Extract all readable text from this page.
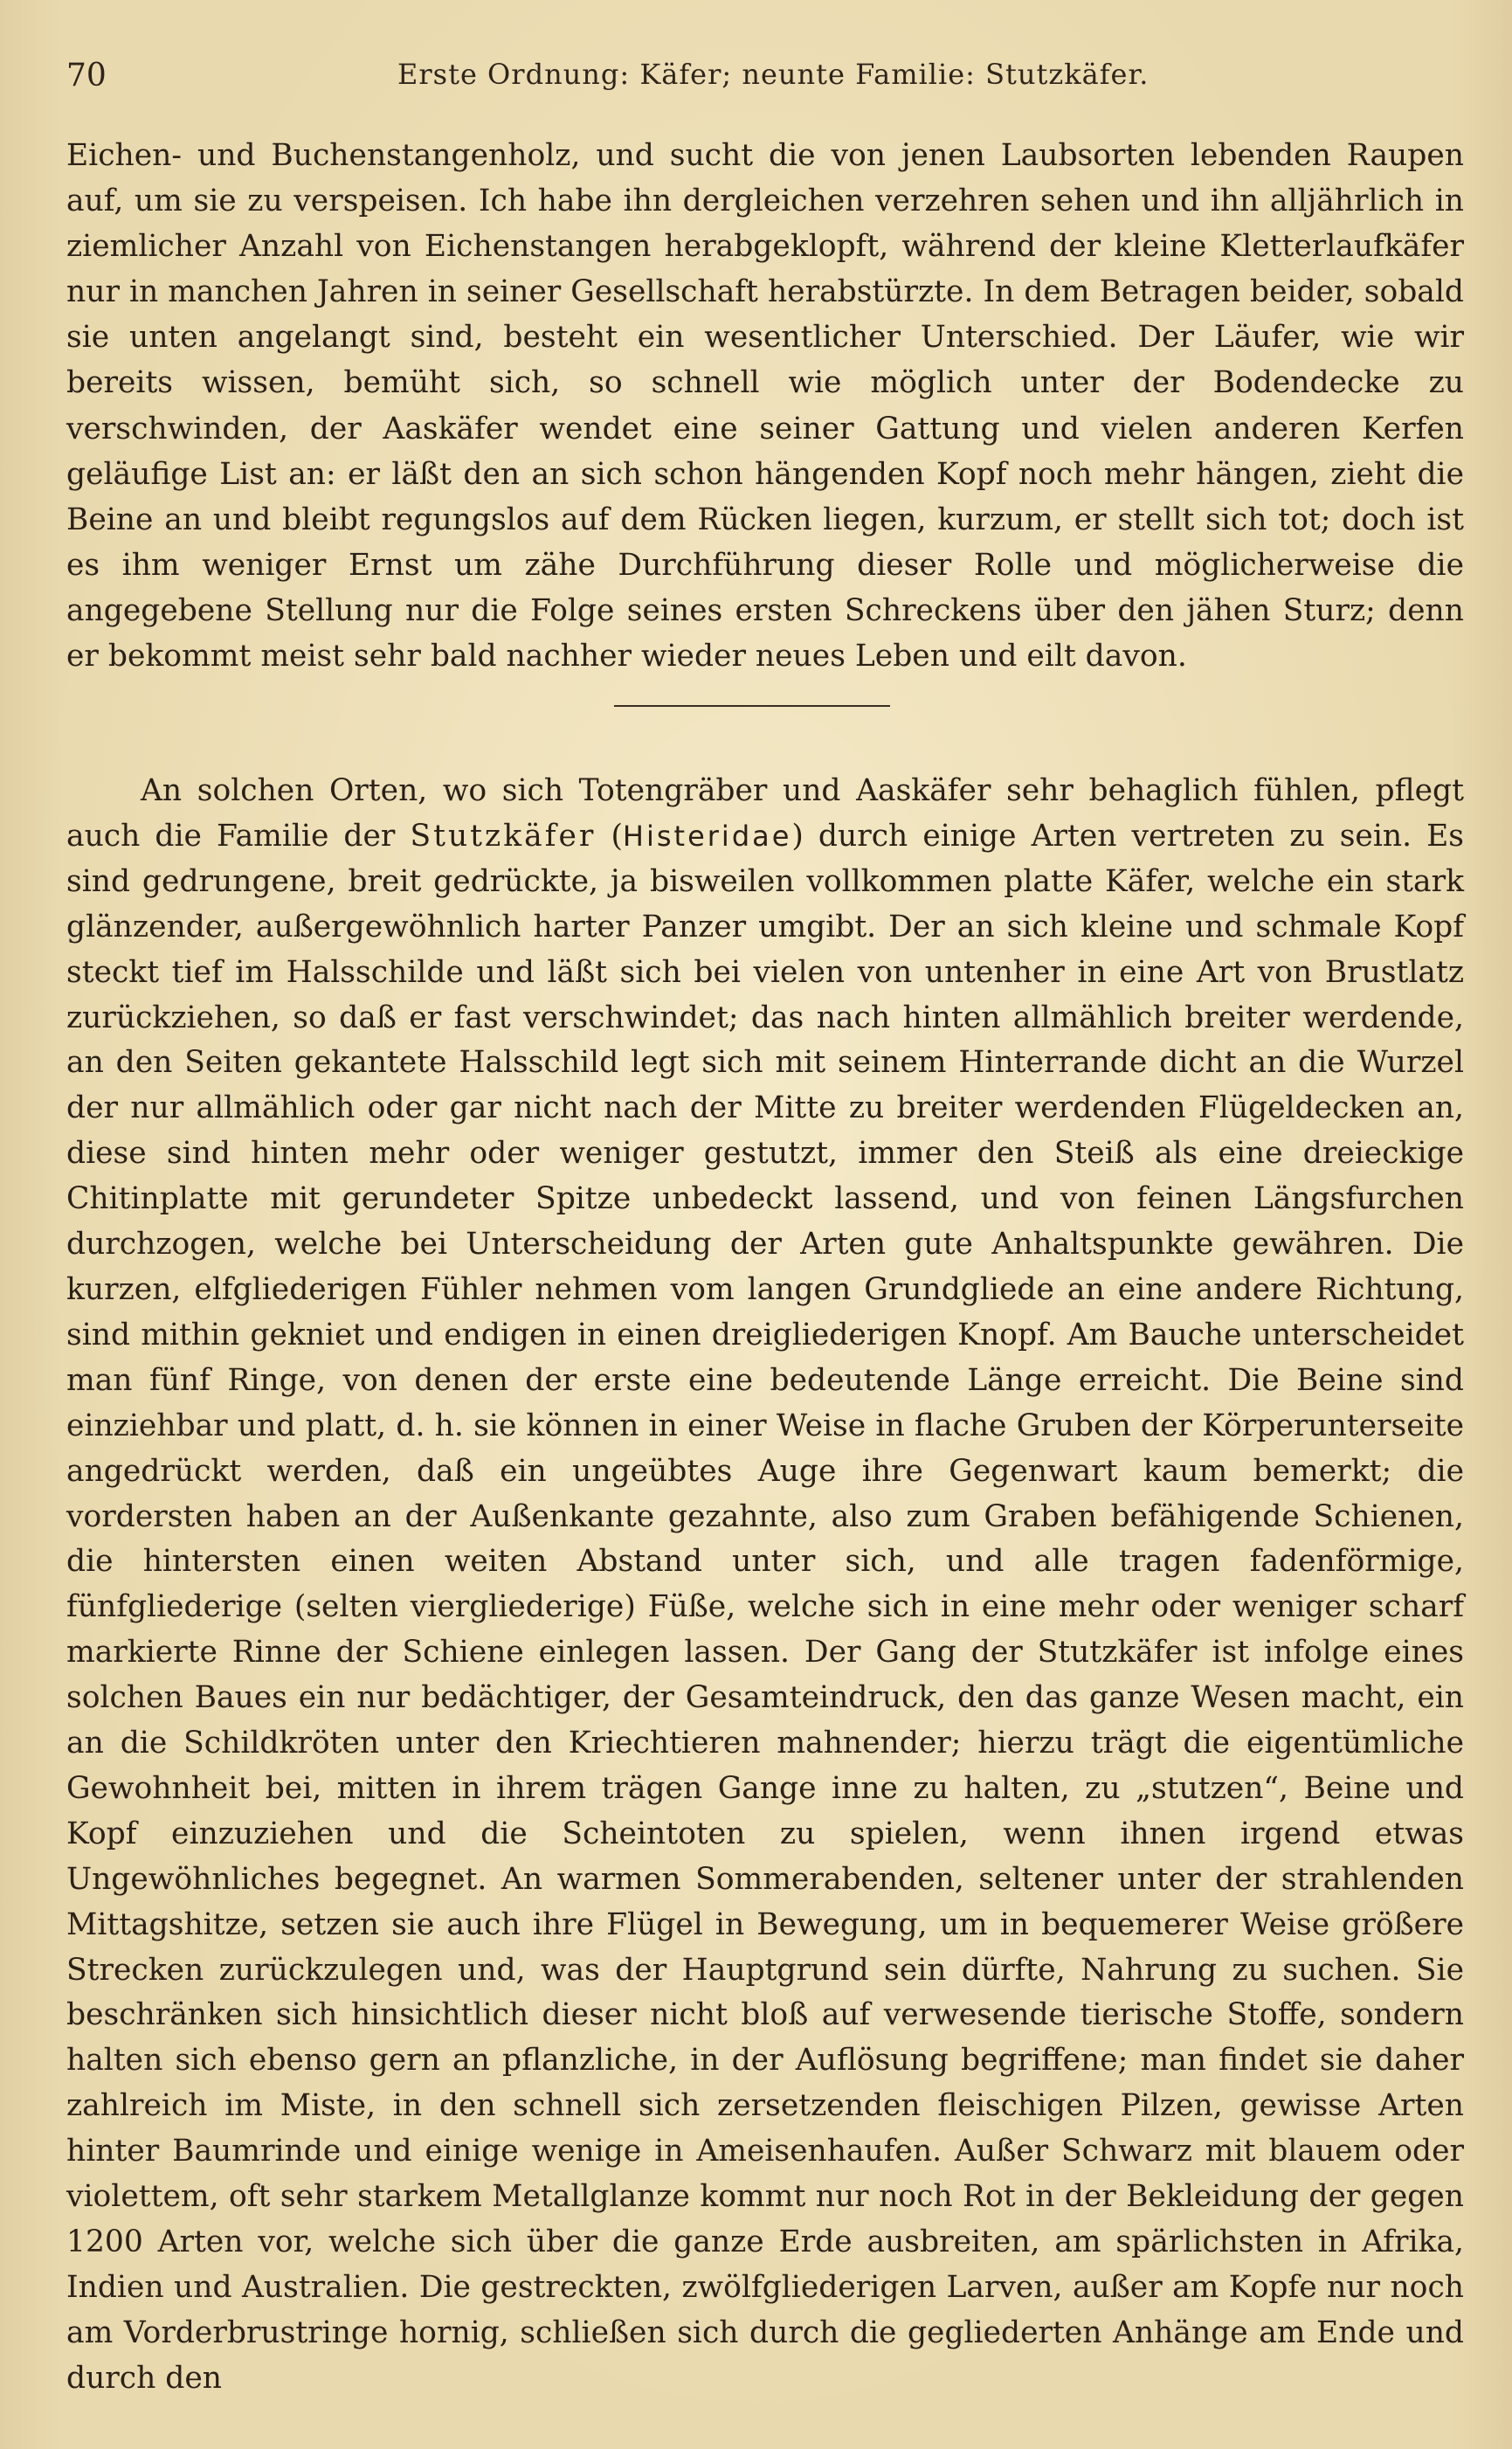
70	Erste Ordnung: Käfer; neunte Familie: Stutzkäfer.

Eichen- und Buchenstangenholz, und sucht die von jenen Laubsorten lebenden Raupen auf, um sie zu verspeisen. Ich habe ihn dergleichen verzehren sehen und ihn alljährlich in ziemlicher Anzahl von Eichenstangen herabgeklopft, während der kleine Kletterlaufkäfer nur in manchen Jahren in seiner Gesellschaft herabstürzte. In dem Betragen beider, sobald sie unten angelangt sind, besteht ein wesentlicher Unterschied. Der Läufer, wie wir bereits wissen, bemüht sich, so schnell wie möglich unter der Bodendecke zu verschwinden, der Aaskäfer wendet eine seiner Gattung und vielen anderen Kerfen geläufige List an: er läßt den an sich schon hängenden Kopf noch mehr hängen, zieht die Beine an und bleibt regungslos auf dem Rücken liegen, kurzum, er stellt sich tot; doch ist es ihm weniger Ernst um zähe Durchführung dieser Rolle und möglicherweise die angegebene Stellung nur die Folge seines ersten Schreckens über den jähen Sturz; denn er bekommt meist sehr bald nachher wieder neues Leben und eilt davon.

An solchen Orten, wo sich Totengräber und Aaskäfer sehr behaglich fühlen, pflegt auch die Familie der Stutzkäfer (Histeridae) durch einige Arten vertreten zu sein. Es sind gedrungene, breit gedrückte, ja bisweilen vollkommen platte Käfer, welche ein stark glänzender, außergewöhnlich harter Panzer umgibt. Der an sich kleine und schmale Kopf steckt tief im Halsschilde und läßt sich bei vielen von untenher in eine Art von Brustlatz zurückziehen, so daß er fast verschwindet; das nach hinten allmählich breiter werdende, an den Seiten gekantete Halsschild legt sich mit seinem Hinterrande dicht an die Wurzel der nur allmählich oder gar nicht nach der Mitte zu breiter werdenden Flügeldecken an, diese sind hinten mehr oder weniger gestutzt, immer den Steiß als eine dreieckige Chitinplatte mit gerundeter Spitze unbedeckt lassend, und von feinen Längsfurchen durchzogen, welche bei Unterscheidung der Arten gute Anhaltspunkte gewähren. Die kurzen, elfgliederigen Fühler nehmen vom langen Grundgliede an eine andere Richtung, sind mithin gekniet und endigen in einen dreigliederigen Knopf. Am Bauche unterscheidet man fünf Ringe, von denen der erste eine bedeutende Länge erreicht. Die Beine sind einziehbar und platt, d. h. sie können in einer Weise in flache Gruben der Körperunterseite angedrückt werden, daß ein ungeübtes Auge ihre Gegenwart kaum bemerkt; die vordersten haben an der Außenkante gezahnte, also zum Graben befähigende Schienen, die hintersten einen weiten Abstand unter sich, und alle tragen fadenförmige, fünfgliederige (selten viergliederige) Füße, welche sich in eine mehr oder weniger scharf markierte Rinne der Schiene einlegen lassen. Der Gang der Stutzkäfer ist infolge eines solchen Baues ein nur bedächtiger, der Gesamteindruck, den das ganze Wesen macht, ein an die Schildkröten unter den Kriechtieren mahnender; hierzu trägt die eigentümliche Gewohnheit bei, mitten in ihrem trägen Gange inne zu halten, zu „stutzen“, Beine und Kopf einzuziehen und die Scheintoten zu spielen, wenn ihnen irgend etwas Ungewöhnliches begegnet. An warmen Sommerabenden, seltener unter der strahlenden Mittagshitze, setzen sie auch ihre Flügel in Bewegung, um in bequemerer Weise größere Strecken zurückzulegen und, was der Hauptgrund sein dürfte, Nahrung zu suchen. Sie beschränken sich hinsichtlich dieser nicht bloß auf verwesende tierische Stoffe, sondern halten sich ebenso gern an pflanzliche, in der Auflösung begriffene; man findet sie daher zahlreich im Miste, in den schnell sich zersetzenden fleischigen Pilzen, gewisse Arten hinter Baumrinde und einige wenige in Ameisenhaufen. Außer Schwarz mit blauem oder violettem, oft sehr starkem Metallglanze kommt nur noch Rot in der Bekleidung der gegen 1200 Arten vor, welche sich über die ganze Erde ausbreiten, am spärlichsten in Afrika, Indien und Australien. Die gestreckten, zwölfgliederigen Larven, außer am Kopfe nur noch am Vorderbrustringe hornig, schließen sich durch die gegliederten Anhänge am Ende und durch den
